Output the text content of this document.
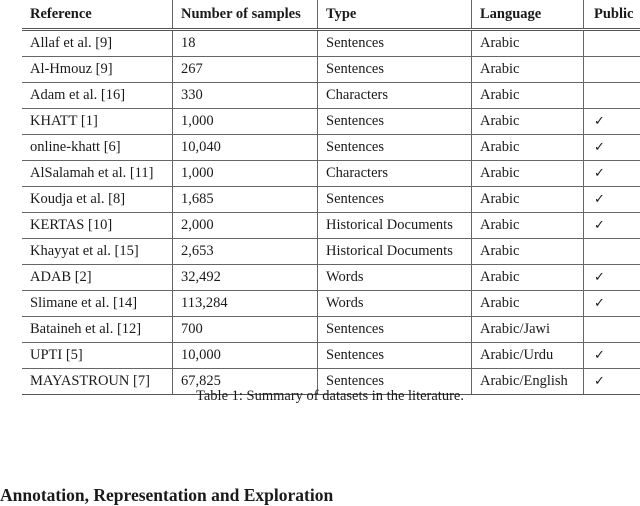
Reference	Number of samples	Type	Language	Public
Allaf et al. [9]	18	Sentences	Arabic	
Al-Hmouz [9]	267	Sentences	Arabic	
Adam et al. [16]	330	Characters	Arabic	
KHATT [1]	1,000	Sentences	Arabic	✓
online-khatt [6]	10,040	Sentences	Arabic	✓
AlSalamah et al. [11]	1,000	Characters	Arabic	✓
Koudja et al. [8]	1,685	Sentences	Arabic	✓
KERTAS [10]	2,000	Historical Documents	Arabic	✓
Khayyat et al. [15]	2,653	Historical Documents	Arabic	
ADAB [2]	32,492	Words	Arabic	✓
Slimane et al. [14]	113,284	Words	Arabic	✓
Bataineh et al. [12]	700	Sentences	Arabic/Jawi	
UPTI [5]	10,000	Sentences	Arabic/Urdu	✓
MAYASTROUN [7]	67,825	Sentences	Arabic/English	✓
Table 1: Summary of datasets in the literature.
Annotation, Representation and Exploration
